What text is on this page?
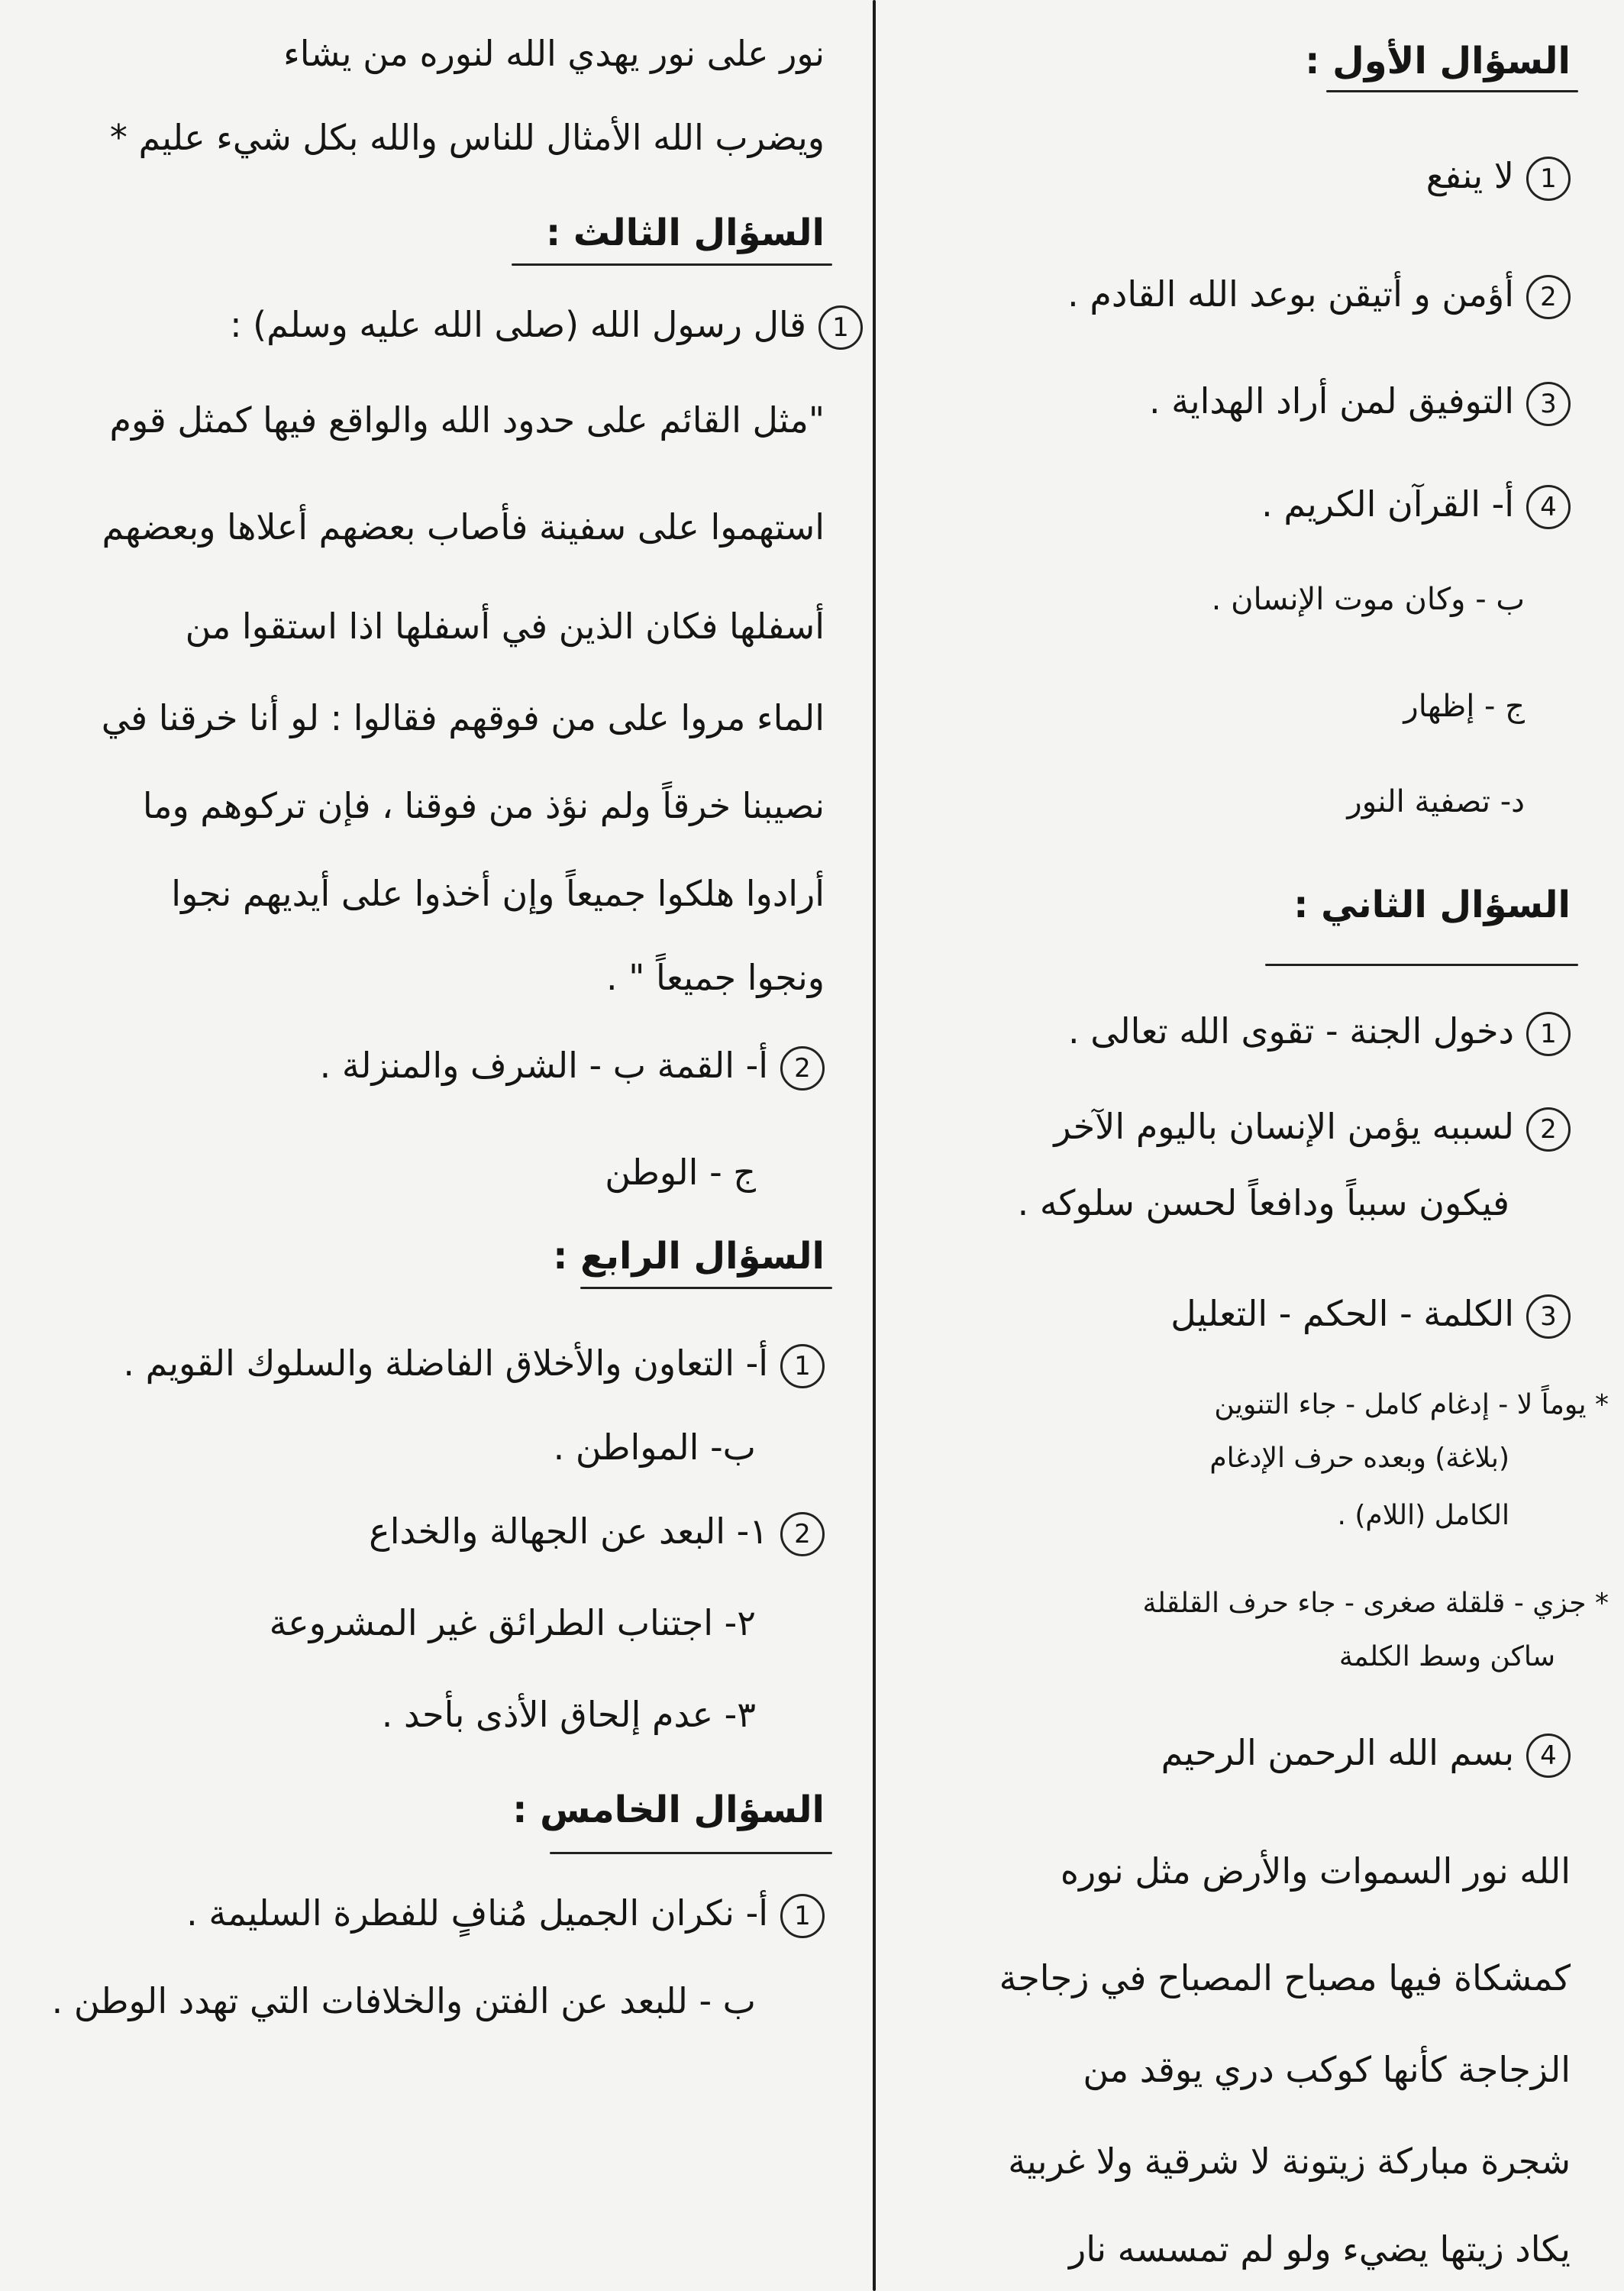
السؤال الأول :
1لا ينفع
2أؤمن و أتيقن بوعد الله القادم .
3التوفيق لمن أراد الهداية .
4أ- القرآن الكريم .
ب - وكان موت الإنسان .
ج - إظهار
د- تصفية النور
السؤال الثاني :
1دخول الجنة - تقوى الله تعالى .
2لسببه يؤمن الإنسان باليوم الآخر
فيكون سبباً ودافعاً لحسن سلوكه .
3الكلمة - الحكم - التعليل
* يوماً لا - إدغام كامل - جاء التنوين
(بلاغة) وبعده حرف الإدغام
الكامل (اللام) .
* جزي - قلقلة صغرى - جاء حرف القلقلة
ساكن وسط الكلمة
4بسم الله الرحمن الرحيم
الله نور السموات والأرض مثل نوره
كمشكاة فيها مصباح المصباح في زجاجة
الزجاجة كأنها كوكب دري يوقد من
شجرة مباركة زيتونة لا شرقية ولا غربية
يكاد زيتها يضيء ولو لم تمسسه نار
نور على نور يهدي الله لنوره من يشاء
ويضرب الله الأمثال للناس والله بكل شيء عليم *
السؤال الثالث :
1قال رسول الله (صلى الله عليه وسلم) :
"مثل القائم على حدود الله والواقع فيها كمثل قوم
استهموا على سفينة فأصاب بعضهم أعلاها وبعضهم
أسفلها فكان الذين في أسفلها اذا استقوا من
الماء مروا على من فوقهم فقالوا : لو أنا خرقنا في
نصيبنا خرقاً ولم نؤذ من فوقنا ، فإن تركوهم وما
أرادوا هلكوا جميعاً وإن أخذوا على أيديهم نجوا
ونجوا جميعاً " .
2أ- القمة ب - الشرف والمنزلة .
ج - الوطن
السؤال الرابع :
1أ- التعاون والأخلاق الفاضلة والسلوك القويم .
ب- المواطن .
2١- البعد عن الجهالة والخداع
٢- اجتناب الطرائق غير المشروعة
٣- عدم إلحاق الأذى بأحد .
السؤال الخامس :
1أ- نكران الجميل مُنافٍ للفطرة السليمة .
ب - للبعد عن الفتن والخلافات التي تهدد الوطن .
